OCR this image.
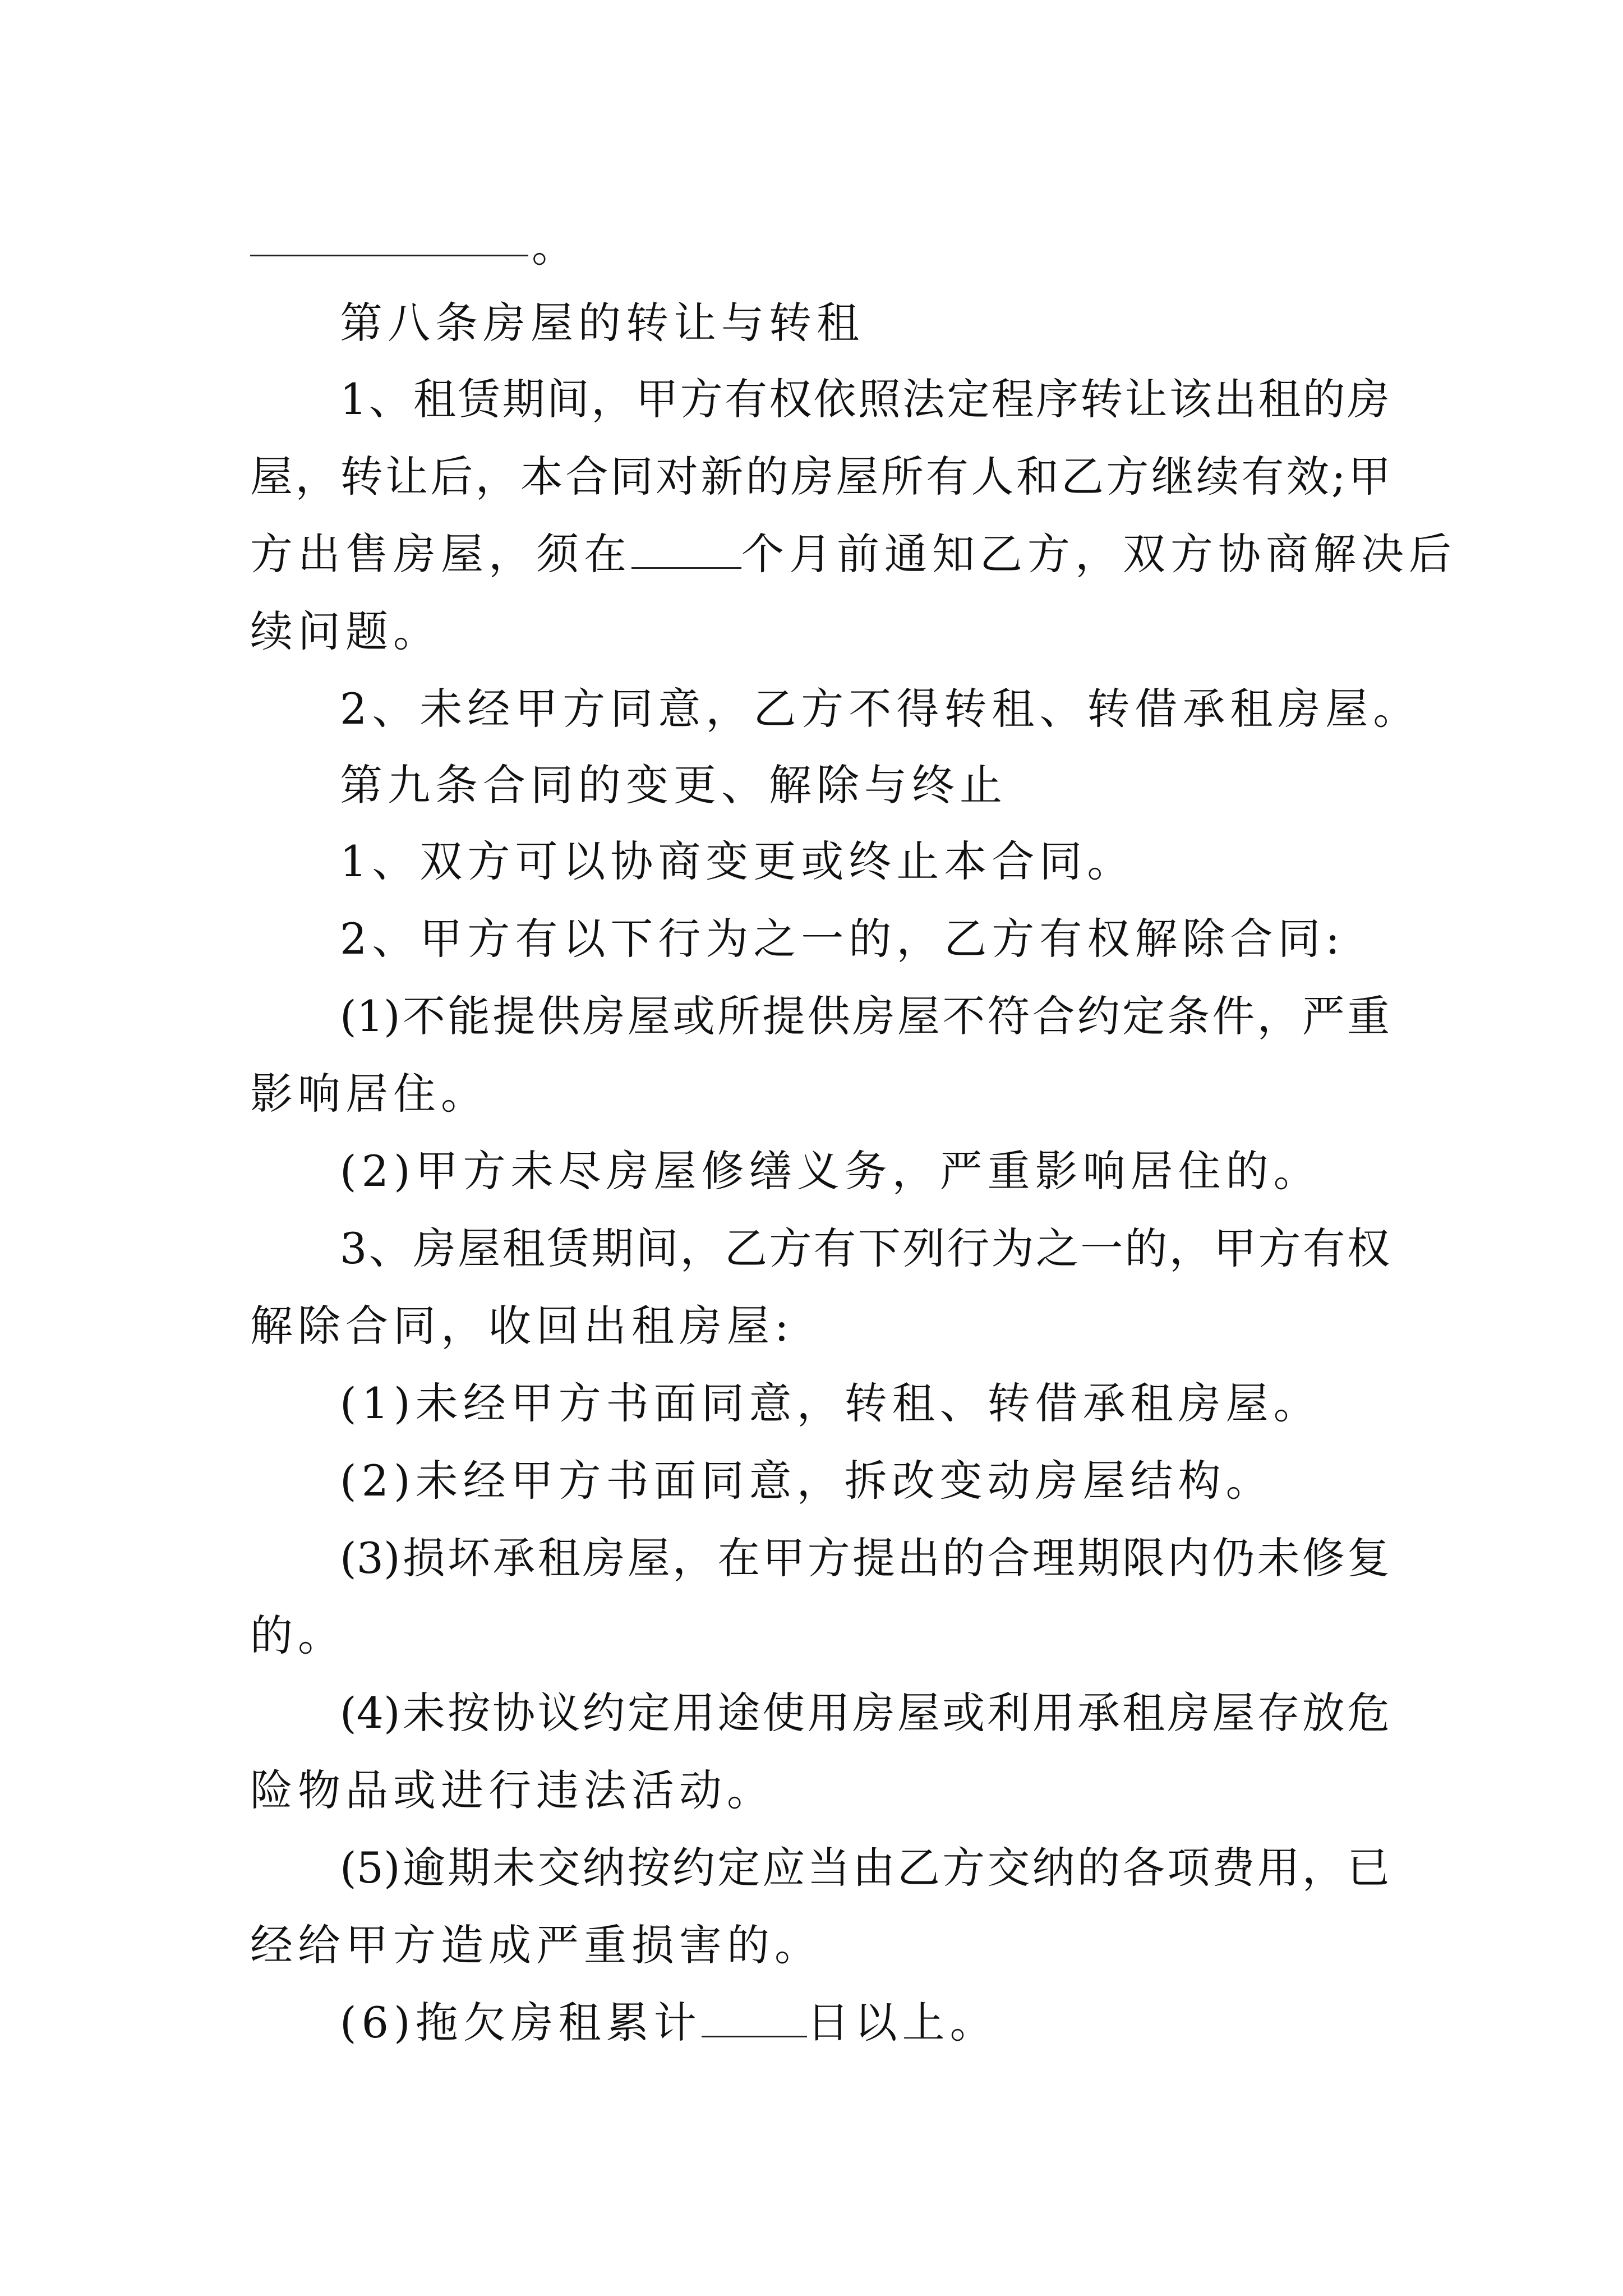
。

第八条房屋的转让与转租

1、租赁期间，甲方有权依照法定程序转让该出租的房

屋，转让后，本合同对新的房屋所有人和乙方继续有效;甲

方出售房屋，须在	个月前通知乙方，双方协商解决后

续问题。

2、未经甲方同意，乙方不得转租、转借承租房屋。

第九条合同的变更、解除与终止

1、双方可以协商变更或终止本合同。

2、甲方有以下行为之一的，乙方有权解除合同:

(1)不能提供房屋或所提供房屋不符合约定条件，严重

影响居住。

(2)甲方未尽房屋修缮义务，严重影响居住的。

3、房屋租赁期间，乙方有下列行为之一的，甲方有权

解除合同，收回出租房屋:

(1)未经甲方书面同意，转租、转借承租房屋。

(2)未经甲方书面同意，拆改变动房屋结构。

(3)损坏承租房屋，在甲方提出的合理期限内仍未修复

的。

(4)未按协议约定用途使用房屋或利用承租房屋存放危

险物品或进行违法活动。

(5)逾期未交纳按约定应当由乙方交纳的各项费用，已

经给甲方造成严重损害的。

(6)拖欠房租累计 日以上。
